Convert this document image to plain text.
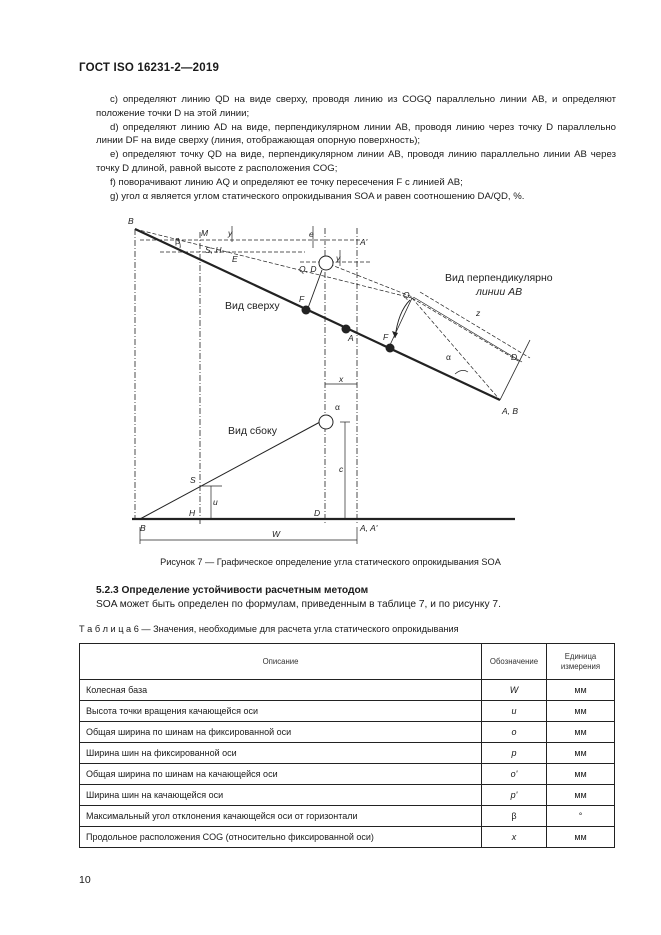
ГОСТ ISO 16231-2—2019

c) определяют линию QD на виде сверху, проводя линию из COGQ параллельно линии AB, и определяют положение точки D на этой линии;

d) определяют линию AD на виде, перпендикулярном линии AB, проводя линию через точку D параллельно линии DF на виде сверху (линия, отображающая опорную поверхность);

e) определяют точку QD на виде, перпендикулярном линии AB, проводя линию параллельно линии AB через точку D длиной, равной высоте z расположения COG;

f) поворачивают линию AQ и определяют ее точку пересечения F с линией AB;

g) угол α является углом статического опрокидывания SOA и равен соотношению DA/QD, %.

B
β
M y
S, H
E
e
A'
y
Q, D
F
Вид сверху
Вид перпендикулярно
линии AB
Q
z
A	F
α	D
A, B
x
Вид сбоку
α
c
S
u
B
H	D
A, A'
W
Рисунок 7 — Графическое определение угла статического опрокидывания SOA
5.2.3 Определение устойчивости расчетным методом
SOA может быть определен по формулам, приведенным в таблице 7, и по рисунку 7.
Т а б л и ц а 6 — Значения, необходимые для расчета угла статического опрокидывания
Описание	Обозначение	Единица измерения
Колесная база	W	мм
Высота точки вращения качающейся оси	u	мм
Общая ширина по шинам на фиксированной оси	o	мм
Ширина шин на фиксированной оси	p	мм
Общая ширина по шинам на качающейся оси	o'	мм
Ширина шин на качающейся оси	p'	мм
Максимальный угол отклонения качающейся оси от горизонтали	β	°
Продольное расположения COG (относительно фиксированной оси)	x	мм
10
